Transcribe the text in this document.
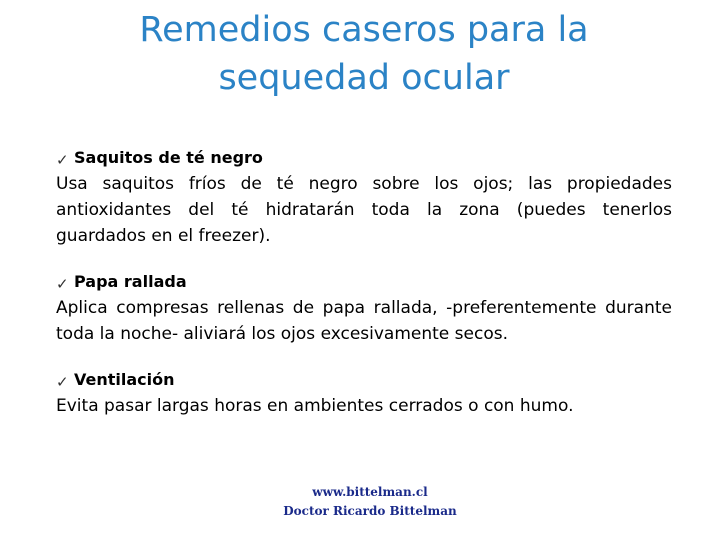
Remedios caseros para la
sequedad ocular
✓ Saquitos de té negro

Usa saquitos fríos de té negro sobre los ojos; las propiedades antioxidantes del té hidratarán toda la zona (puedes tenerlos guardados en el freezer).

✓ Papa rallada

Aplica compresas rellenas de papa rallada, -preferentemente durante toda la noche- aliviará los ojos excesivamente secos.

✓ Ventilación

Evita pasar largas horas en ambientes cerrados o con humo.

www.bittelman.cl
Doctor Ricardo Bittelman
